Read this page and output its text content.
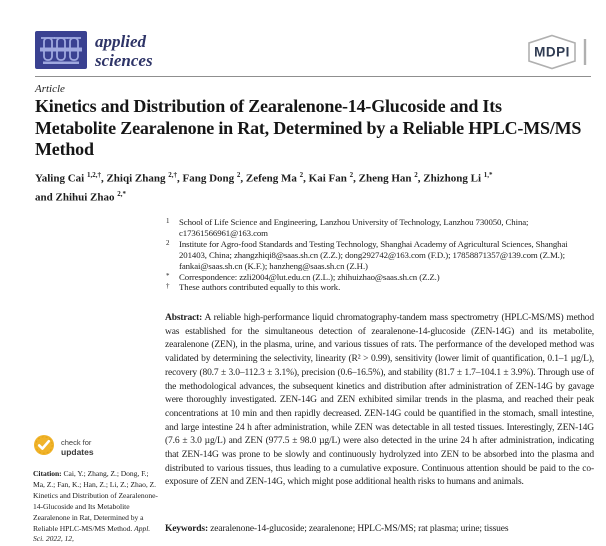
applied
sciences	MDPI
Article
Kinetics and Distribution of Zearalenone-14-Glucoside and Its Metabolite Zearalenone in Rat, Determined by a Reliable HPLC-MS/MS Method
Yaling Cai $^{1,2,\dagger}$, Zhiqi Zhang $^{2,\dagger}$, Fang Dong $^2$, Zefeng Ma $^2$, Kai Fan $^2$, Zheng Han $^2$, Zhizhong Li $^{1,*}$
and Zhihui Zhao $^{2,*}$
1	School of Life Science and Engineering, Lanzhou University of Technology, Lanzhou 730050, China; c17361566961@163.com
2	Institute for Agro-food Standards and Testing Technology, Shanghai Academy of Agricultural Sciences, Shanghai 201403, China; zhangzhiqi8@saas.sh.cn (Z.Z.); dong292742@163.com (F.D.); 17858871357@139.com (Z.M.); fankai@saas.sh.cn (K.F.); hanzheng@saas.sh.cn (Z.H.)
*	Correspondence: zzli2004@lut.edu.cn (Z.L.); zhihuizhao@saas.sh.cn (Z.Z.)
†	These authors contributed equally to this work.

Abstract: A reliable high-performance liquid chromatography-tandem mass spectrometry (HPLC-MS/MS) method was established for the simultaneous detection of zearalenone-14-glucoside (ZEN-14G) and its metabolite, zearalenone (ZEN), in the plasma, urine, and various tissues of rats. The performance of the developed method was validated by determining the selectivity, linearity (R² > 0.99), sensitivity (lower limit of quantification, 0.1–1 µg/L), recovery (80.7 ± 3.0–112.3 ± 3.1%), precision (0.6–16.5%), and stability (81.7 ± 1.7–104.1 ± 3.9%). Through use of the methodological advances, the subsequent kinetics and distribution after administration of ZEN-14G by gavage were thoroughly investigated. ZEN-14G and ZEN exhibited similar trends in the plasma, and reached their peak concentrations at 10 min and then rapidly decreased. ZEN-14G could be quantified in the stomach, small intestine, and large intestine 24 h after administration, while ZEN was detectable in all tested tissues. Interestingly, ZEN-14G (7.6 ± 3.0 µg/L) and ZEN (977.5 ± 98.0 µg/L) were also detected in the urine 24 h after administration, indicating that ZEN-14G was prone to be slowly and continuously hydrolyzed into ZEN to be absorbed into the plasma and distributed to various tissues, thus leading to a cumulative exposure. Continuous attention should be paid to the co-exposure of ZEN and ZEN-14G, which might pose additional health risks to humans and animals.

Keywords: zearalenone-14-glucoside; zearalenone; HPLC-MS/MS; rat plasma; urine; tissues

check for
updates
Citation: Cai, Y.; Zhang, Z.; Dong, F.; Ma, Z.; Fan, K.; Han, Z.; Li, Z.; Zhao, Z. Kinetics and Distribution of Zearalenone-14-Glucoside and Its Metabolite Zearalenone in Rat, Determined by a Reliable HPLC-MS/MS Method. Appl. Sci. 2022, 12,
